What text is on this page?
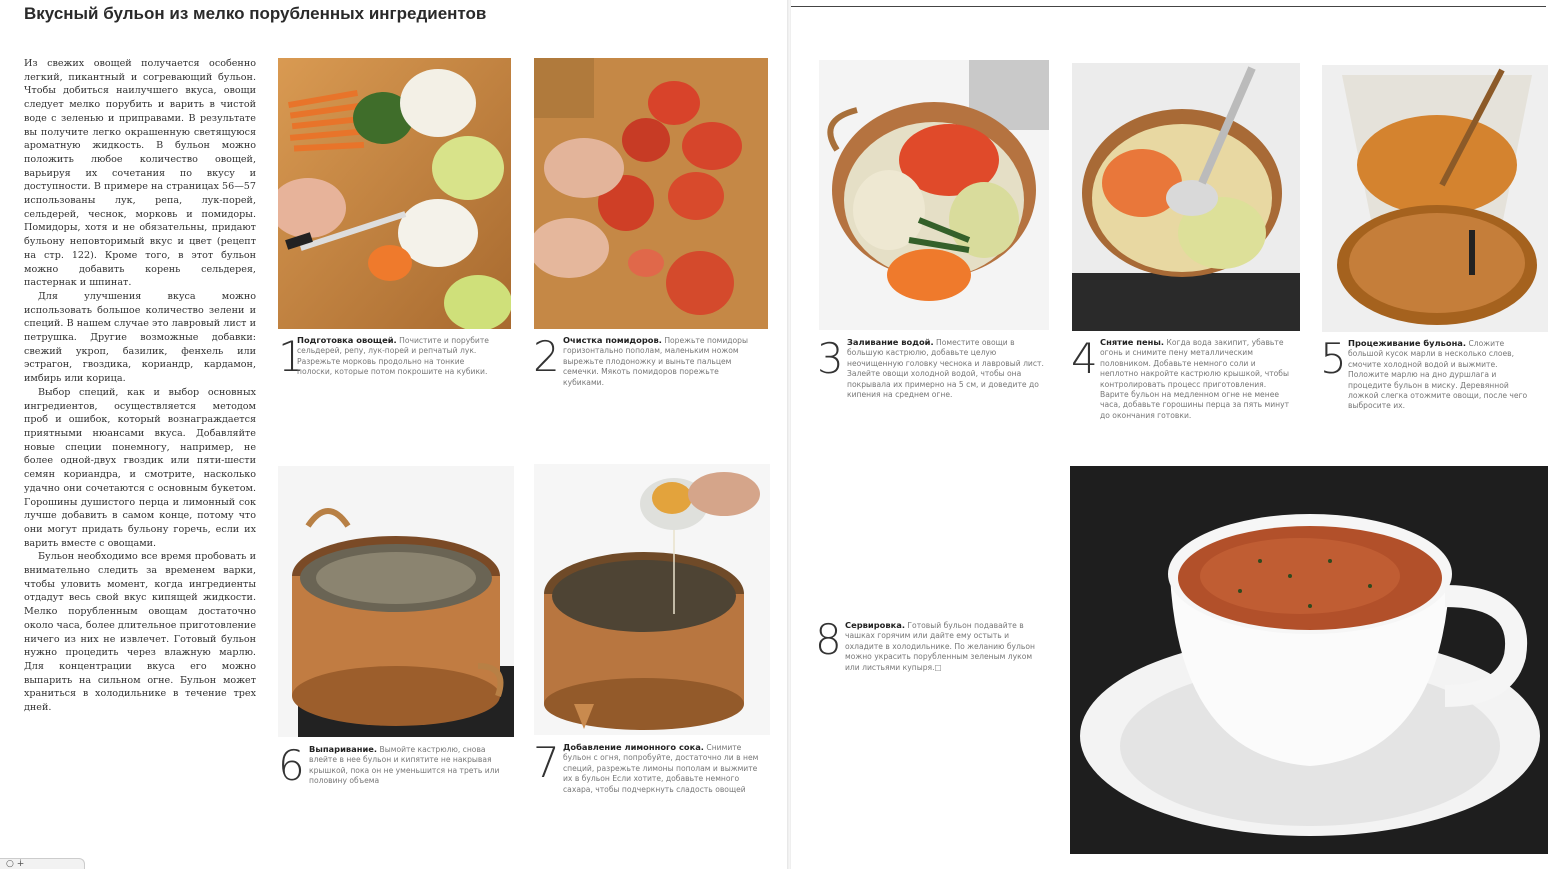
Вкусный бульон из мелко порубленных ингредиентов

Из свежих овощей получается особенно легкий, пикантный и согревающий бульон. Чтобы добиться наилучшего вкуса, овощи следует мелко порубить и варить в чистой воде с зеленью и приправами. В результате вы получите легко окрашенную светящуюся ароматную жидкость. В бульон можно положить любое количество овощей, варьируя их сочетания по вкусу и доступности. В примере на страницах 56—57 использованы лук, репа, лук-порей, сельдерей, чеснок, морковь и помидоры. Помидоры, хотя и не обязательны, придают бульону неповторимый вкус и цвет (рецепт на стр. 122). Кроме того, в этот бульон можно добавить корень сельдерея, пастернак и шпинат.

Для улучшения вкуса можно использовать большое количество зелени и специй. В нашем случае это лавровый лист и петрушка. Другие возможные добавки: свежий укроп, базилик, фенхель или эстрагон, гвоздика, кориандр, кардамон, имбирь или корица.

Выбор специй, как и выбор основных ингредиентов, осуществляется методом проб и ошибок, который вознаграждается приятными нюансами вкуса. Добавляйте новые специи понемногу, например, не более одной-двух гвоздик или пяти-шести семян кориандра, и смотрите, насколько удачно они сочетаются с основным букетом. Горошины душистого перца и лимонный сок лучше добавить в самом конце, потому что они могут придать бульону горечь, если их варить вместе с овощами.

Бульон необходимо все время пробовать и внимательно следить за временем варки, чтобы уловить момент, когда ингредиенты отдадут весь свой вкус кипящей жидкости. Мелко порубленным овощам достаточно около часа, более длительное приготовление ничего из них не извлечет. Готовый бульон нужно процедить через влажную марлю. Для концентрации вкуса его можно выпарить на сильном огне. Бульон может храниться в холодильнике в течение трех дней.

1
Подготовка овощей. Почистите и порубите сельдерей, репу, лук-порей и репчатый лук. Разрежьте морковь продольно на тонкие полоски, которые потом покрошите на кубики. 2 Очистка помидоров. Порежьте помидоры горизонтально пополам, маленьким ножом вырежьте плодоножку и выньте пальцем семечки. Мякоть помидоров порежьте кубиками.
6 Выпаривание. Вымойте кастрюлю, снова влейте в нее бульон и кипятите не накрывая крышкой, пока он не уменьшится на треть или половину объема	7 Добавление лимонного сока. Снимите бульон с огня, попробуйте, достаточно ли в нем специй, разрежьте лимоны пополам и выжмите их в бульон Если хотите, добавьте немного сахара, чтобы подчеркнуть сладость овощей
○ ∔
3 Заливание водой. Поместите овощи в большую кастрюлю, добавьте целую неочищенную головку чеснока и лавровый лист. Залейте овощи холодной водой, чтобы она покрывала их примерно на 5 см, и доведите до кипения на среднем огне.
4 Снятие пены. Когда вода закипит, убавьте огонь и снимите пену металлическим половником. Добавьте немного соли и неплотно накройте кастрюлю крышкой, чтобы контролировать процесс приготовления. Варите бульон на медленном огне не менее часа, добавьте горошины перца за пять минут до окончания готовки.
5 Процеживание бульона. Сложите большой кусок марли в несколько слоев, смочите холодной водой и выжмите. Положите марлю на дно дуршлага и процедите бульон в миску. Деревянной ложкой слегка отожмите овощи, после чего выбросите их.
8 Сервировка. Готовый бульон подавайте в чашках горячим или дайте ему остыть и охладите в холодильнике. По желанию бульон можно украсить порубленным зеленым луком или листьями купыря.□
